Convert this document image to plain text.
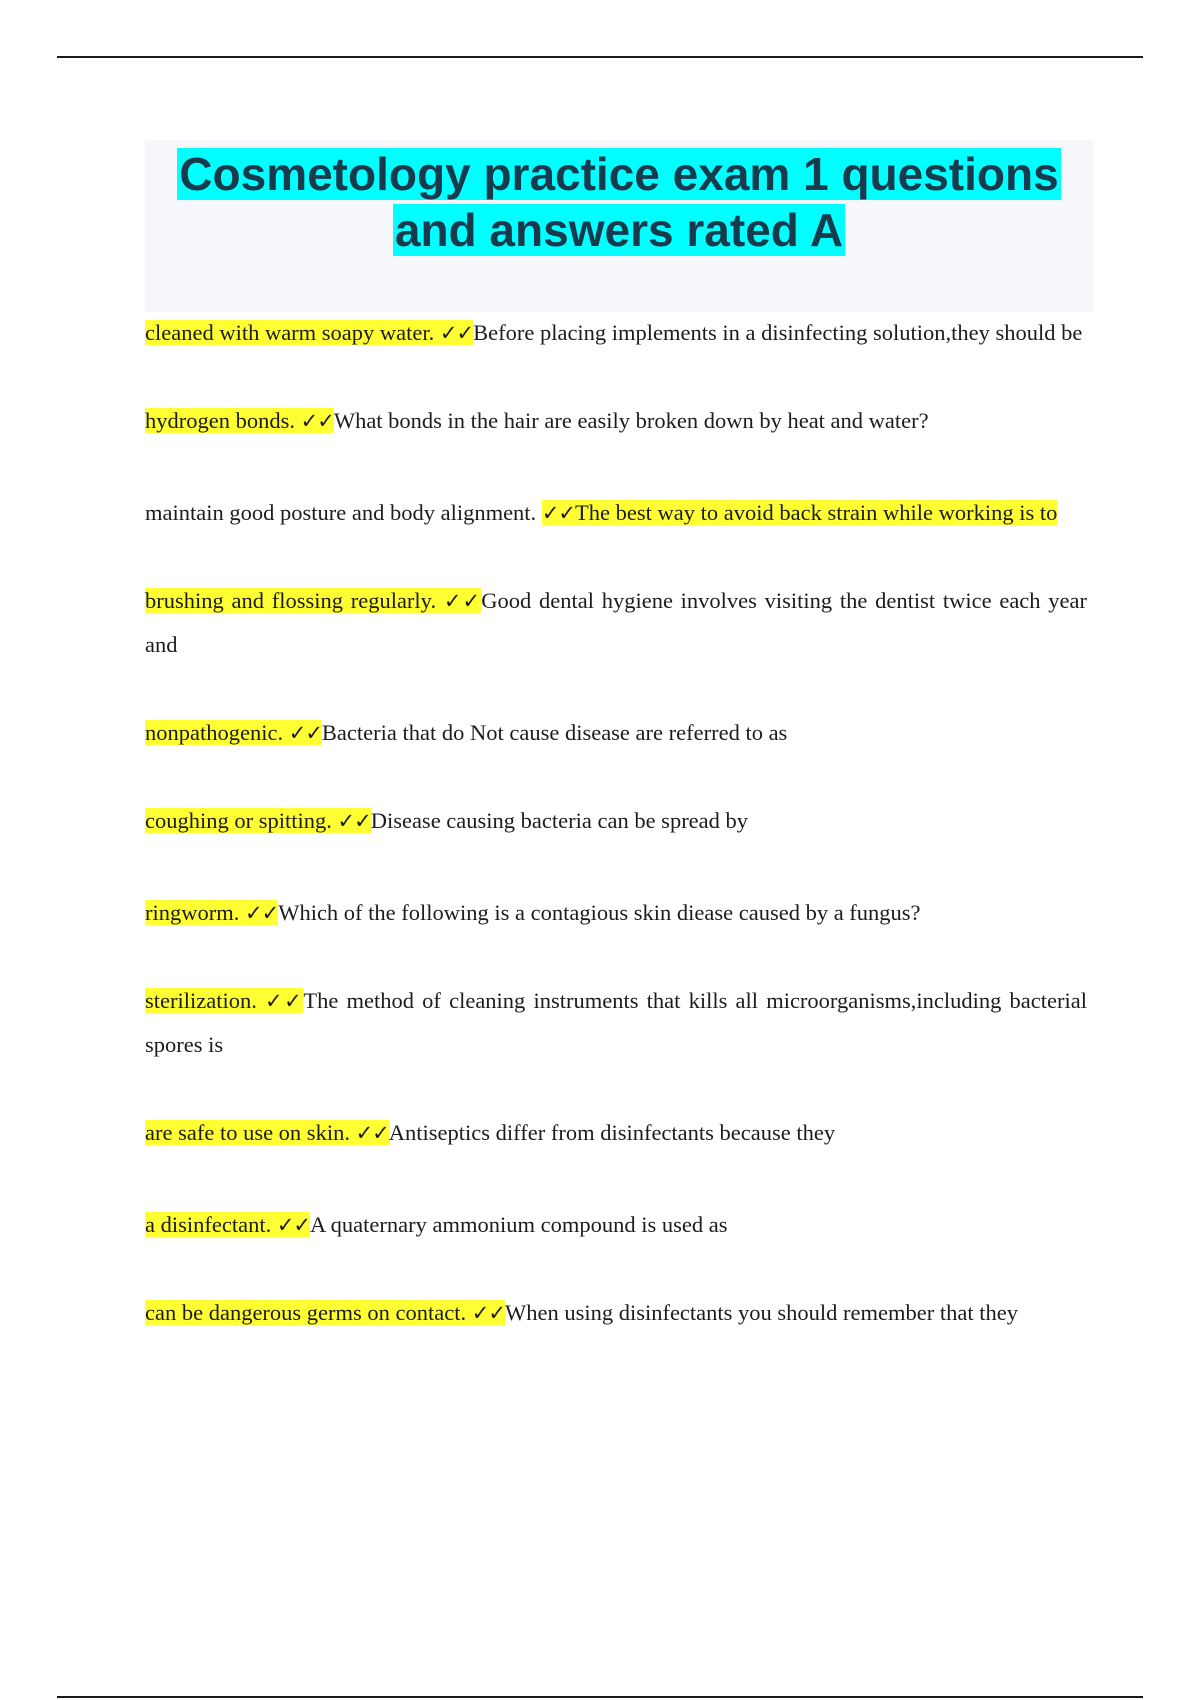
Cosmetology practice exam 1 questions
and answers rated A

cleaned with warm soapy water. ✓✓Before placing implements in a disinfecting solution,they should be

hydrogen bonds. ✓✓What bonds in the hair are easily broken down by heat and water?

maintain good posture and body alignment. ✓✓The best way to avoid back strain while working is to

brushing and flossing regularly. ✓✓Good dental hygiene involves visiting the dentist twice each year and

nonpathogenic. ✓✓Bacteria that do Not cause disease are referred to as

coughing or spitting. ✓✓Disease causing bacteria can be spread by

ringworm. ✓✓Which of the following is a contagious skin diease caused by a fungus?

sterilization. ✓✓The method of cleaning instruments that kills all microorganisms,including bacterial spores is

are safe to use on skin. ✓✓Antiseptics differ from disinfectants because they

a disinfectant. ✓✓A quaternary ammonium compound is used as

can be dangerous germs on contact. ✓✓When using disinfectants you should remember that they
